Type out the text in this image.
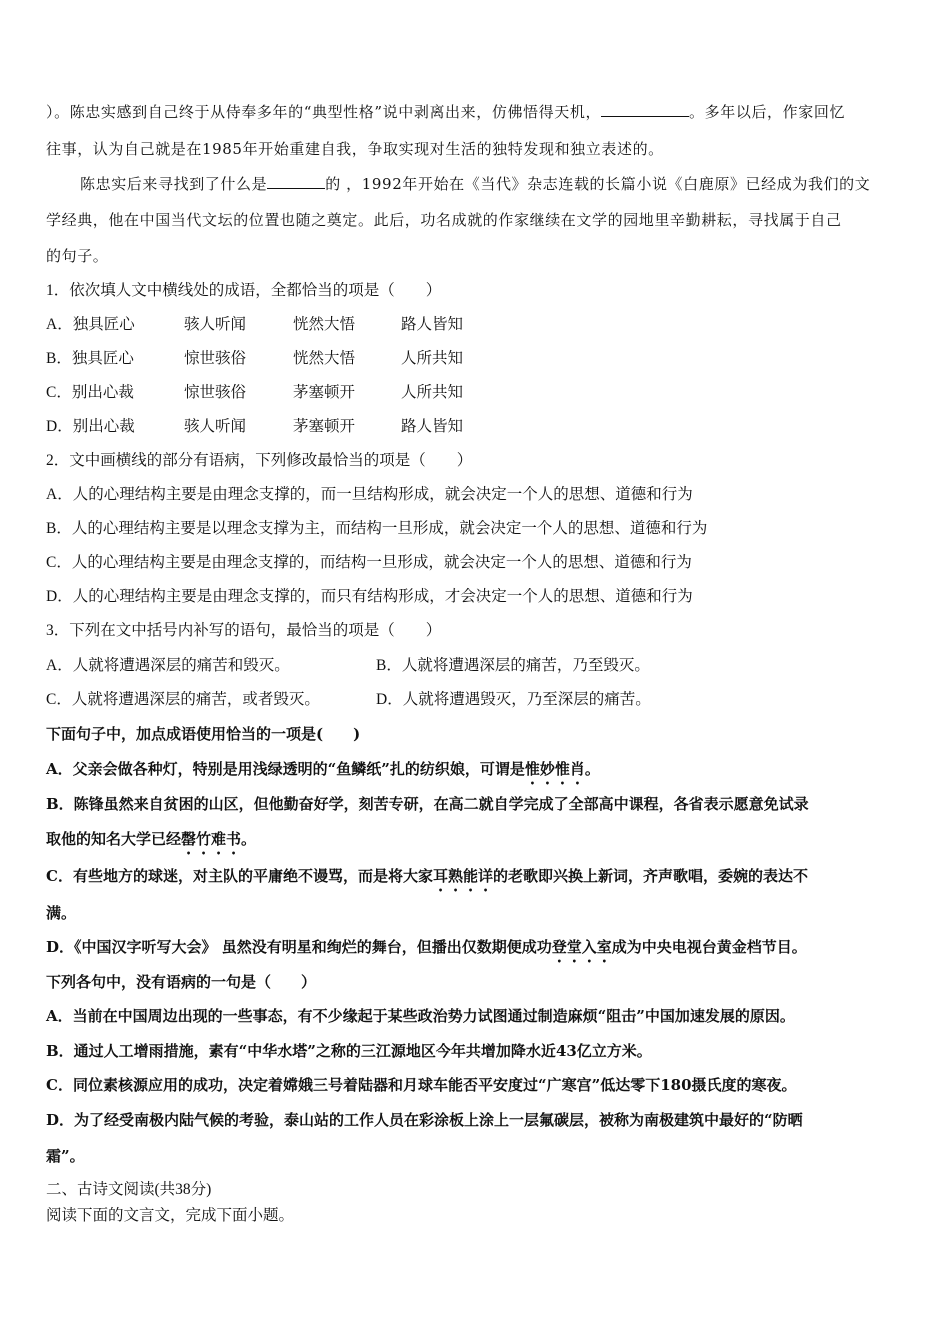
）。陈忠实感到自己终于从侍奉多年的“典型性格”说中剥离出来，仿佛悟得天机，	。多年以后，作家回忆
往事，认为自己就是在1985年开始重建自我，争取实现对生活的独特发现和独立表述的。
陈忠实后来寻找到了什么是	的 ，1992年开始在《当代》杂志连载的长篇小说《白鹿原》已经成为我们的文
学经典，他在中国当代文坛的位置也随之奠定。此后，功名成就的作家继续在文学的园地里辛勤耕耘，寻找属于自己
的句子。
1．依次填人文中横线处的成语，全都恰当的项是（　　）
A．独具匠心	骇人听闻	恍然大悟	路人皆知
B．独具匠心	惊世骇俗	恍然大悟	人所共知
C．别出心裁	惊世骇俗	茅塞顿开	人所共知
D．别出心裁	骇人听闻	茅塞顿开	路人皆知
2．文中画横线的部分有语病，下列修改最恰当的项是（　　）
A．人的心理结构主要是由理念支撑的，而一旦结构形成，就会决定一个人的思想、道德和行为
B．人的心理结构主要是以理念支撑为主，而结构一旦形成，就会决定一个人的思想、道德和行为
C．人的心理结构主要是由理念支撑的，而结构一旦形成，就会决定一个人的思想、道德和行为
D．人的心理结构主要是由理念支撑的，而只有结构形成，才会决定一个人的思想、道德和行为
3．下列在文中括号内补写的语句，最恰当的项是（　　）
A．人就将遭遇深层的痛苦和毁灭。	B．人就将遭遇深层的痛苦，乃至毁灭。
C．人就将遭遇深层的痛苦，或者毁灭。	D．人就将遭遇毁灭，乃至深层的痛苦。
下面句子中，加点成语使用恰当的一项是(　　)
A．父亲会做各种灯，特别是用浅绿透明的“鱼鳞纸”扎的纺织娘，可谓是惟妙惟肖。
B．陈锋虽然来自贫困的山区，但他勤奋好学，刻苦专研，在高二就自学完成了全部高中课程，各省表示愿意免试录
取他的知名大学已经罄竹难书。
C．有些地方的球迷，对主队的平庸绝不谩骂，而是将大家耳熟能详的老歌即兴换上新词，齐声歌唱，委婉的表达不
满。
D．《中国汉字听写大会》 虽然没有明星和绚烂的舞台，但播出仅数期便成功登堂入室成为中央电视台黄金档节目。
下列各句中，没有语病的一句是（　　）
A．当前在中国周边出现的一些事态，有不少缘起于某些政治势力试图通过制造麻烦“阻击”中国加速发展的原因。
B．通过人工增雨措施，素有“中华水塔”之称的三江源地区今年共增加降水近43亿立方米。
C．同位素核源应用的成功，决定着嫦娥三号着陆器和月球车能否平安度过“广寒宫”低达零下180摄氏度的寒夜。
D．为了经受南极内陆气候的考验，泰山站的工作人员在彩涂板上涂上一层氟碳层，被称为南极建筑中最好的“防晒
霜”。
二、古诗文阅读(共38分)
阅读下面的文言文，完成下面小题。
